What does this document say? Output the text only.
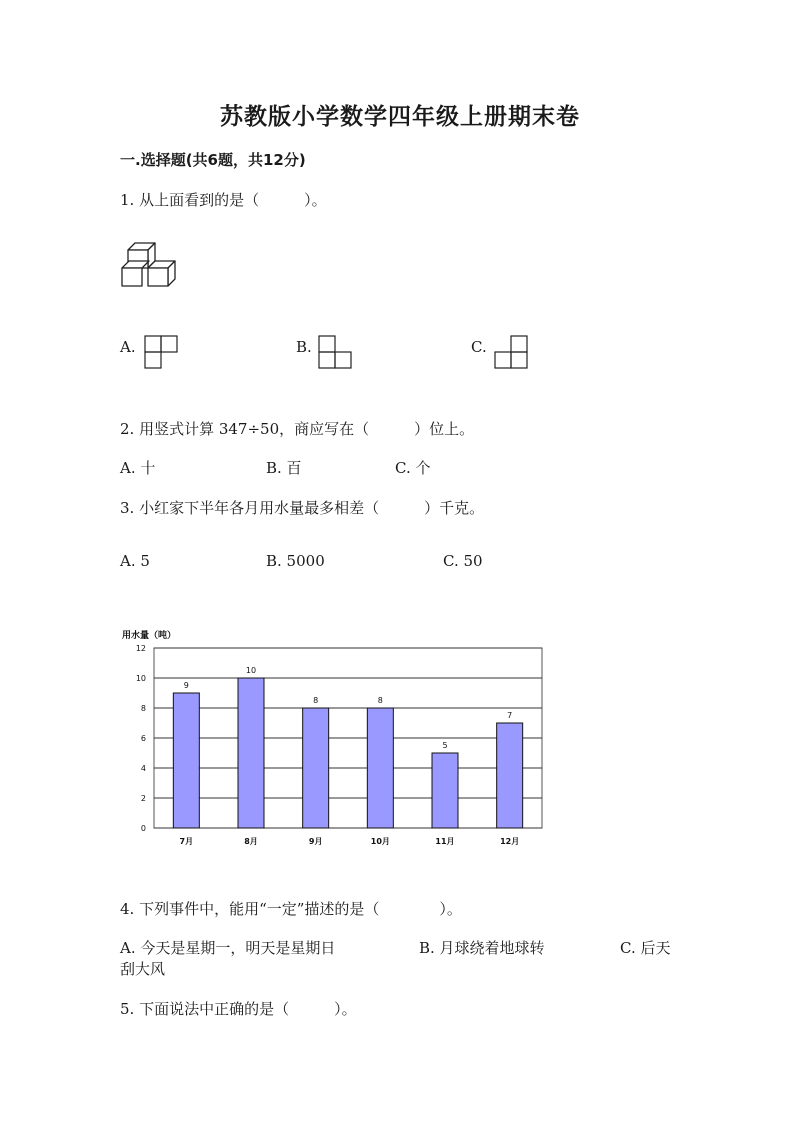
苏教版小学数学四年级上册期末卷
一.选择题(共6题，共12分)
1. 从上面看到的是（　　　）。
A.	B.	C.
2. 用竖式计算 347÷50，商应写在（　　　）位上。
A. 十	B. 百	C. 个
3. 小红家下半年各月用水量最多相差（　　　）千克。
A. 5	B. 5000	C. 50
用水量（吨）
0
2
4
6
8
10
12
9
7月
10
8月
8
9月
8
10月
5
11月
7
12月
4. 下列事件中，能用“一定”描述的是（　　　　）。
A. 今天是星期一，明天是星期日	B. 月球绕着地球转	C. 后天
刮大风
5. 下面说法中正确的是（　　　）。
